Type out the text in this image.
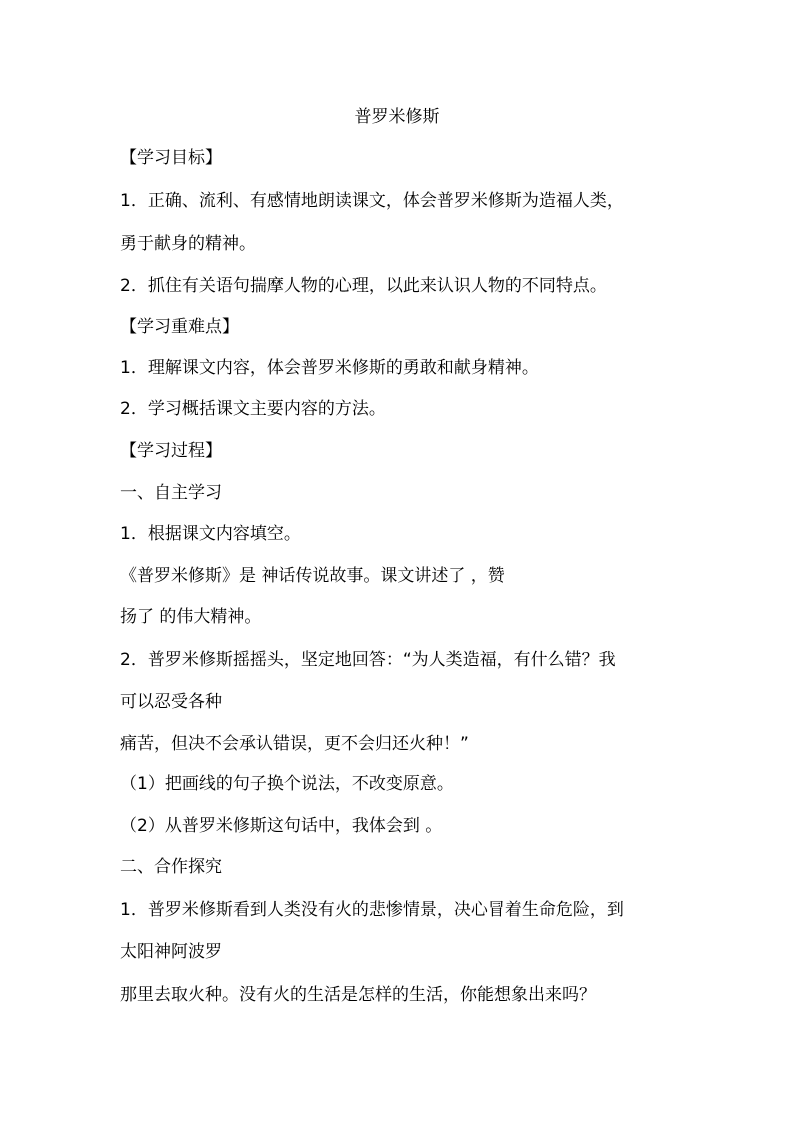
普罗米修斯
【学习目标】
1．正确、流利、有感情地朗读课文，体会普罗米修斯为造福人类，
勇于献身的精神。
2．抓住有关语句揣摩人物的心理，以此来认识人物的不同特点。
【学习重难点】
1．理解课文内容，体会普罗米修斯的勇敢和献身精神。
2．学习概括课文主要内容的方法。
【学习过程】
一、自主学习
1．根据课文内容填空。
《普罗米修斯》是 神话传说故事。课文讲述了 ，赞
扬了 的伟大精神。
2．普罗米修斯摇摇头，坚定地回答：“为人类造福，有什么错？我
可以忍受各种
痛苦，但决不会承认错误，更不会归还火种！”
（1）把画线的句子换个说法，不改变原意。
（2）从普罗米修斯这句话中，我体会到 。
二、合作探究
1．普罗米修斯看到人类没有火的悲惨情景，决心冒着生命危险，到
太阳神阿波罗
那里去取火种。没有火的生活是怎样的生活，你能想象出来吗？
